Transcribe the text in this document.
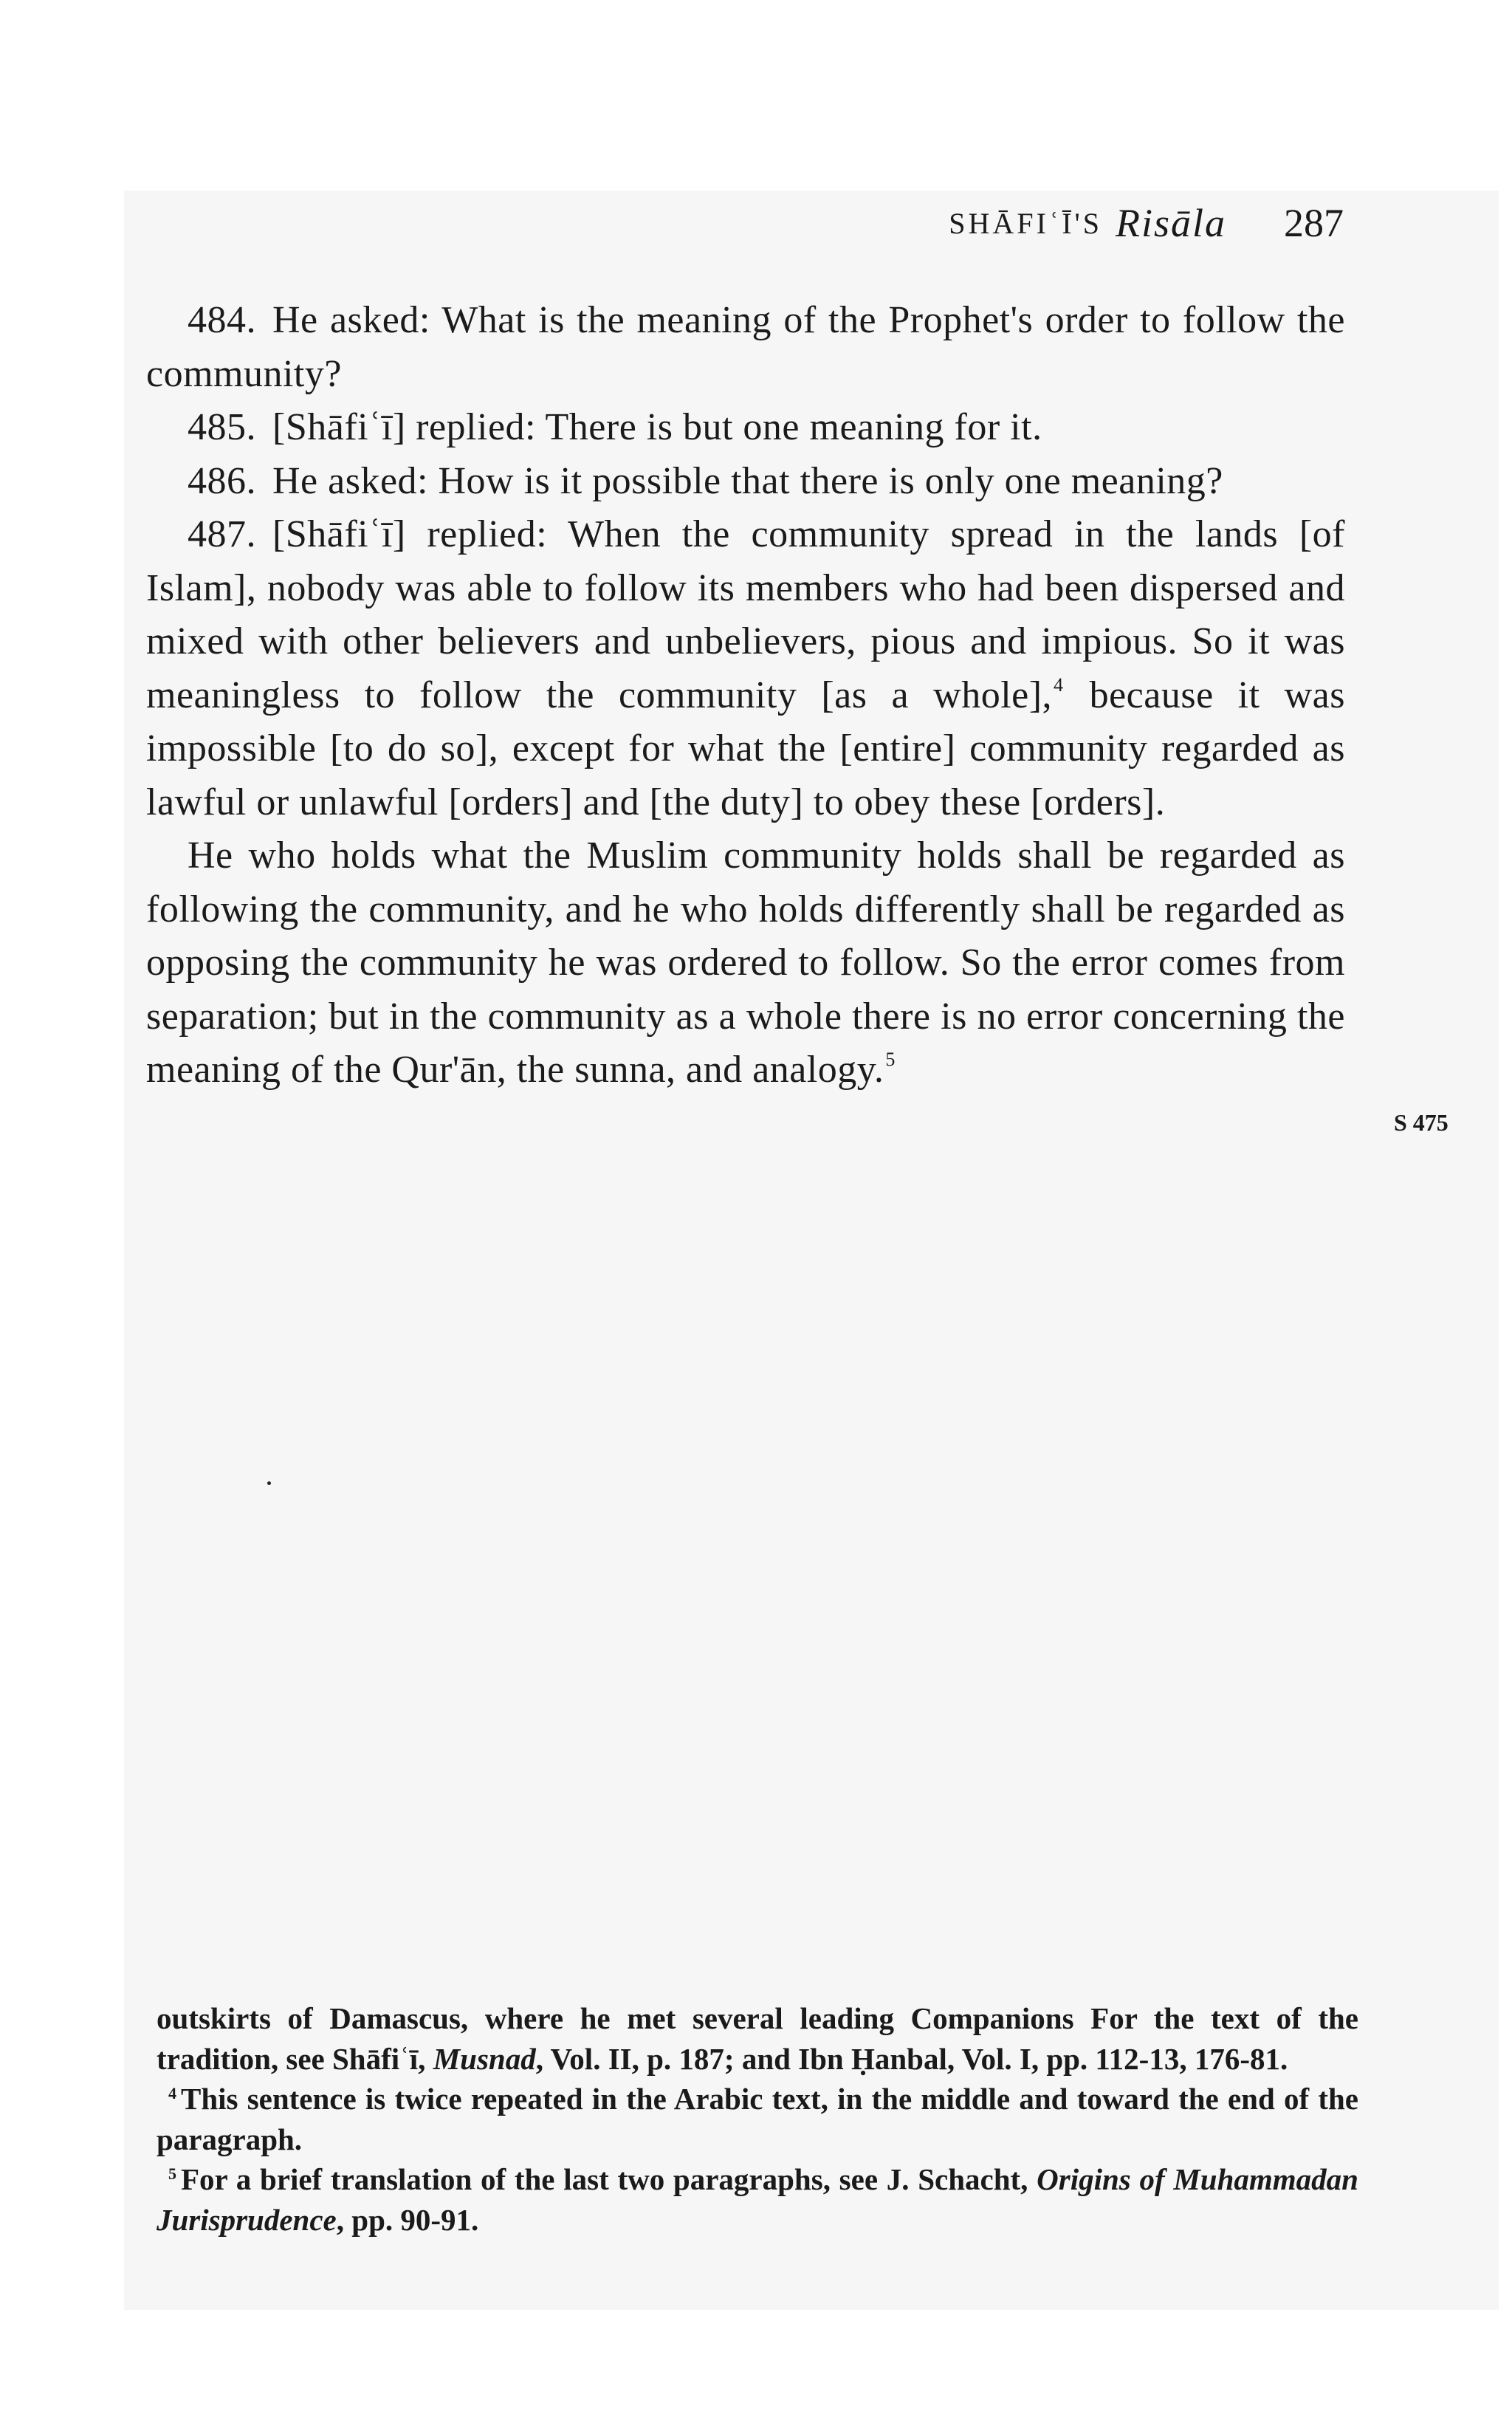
SHĀFIʿĪ'S Risāla 287

484. He asked: What is the meaning of the Prophet's order to follow the community?

485. [Shāfiʿī] replied: There is but one meaning for it.

486. He asked: How is it possible that there is only one meaning?

487. [Shāfiʿī] replied: When the community spread in the lands [of Islam], nobody was able to follow its members who had been dispersed and mixed with other believers and unbelievers, pious and impious. So it was meaningless to follow the community [as a whole],$^4$ because it was impossible [to do so], except for what the [entire] community regarded as lawful or unlawful [orders] and [the duty] to obey these [orders].

He who holds what the Muslim community holds shall be regarded as following the community, and he who holds differently shall be regarded as opposing the community he was ordered to follow. So the error comes from separation; but in the community as a whole there is no error concerning the meaning of the Qur'ān, the sunna, and analogy.$^5$

S 475

outskirts of Damascus, where he met several leading Companions For the text of the tradition, see Shāfiʿī, Musnad, Vol. II, p. 187; and Ibn Ḥanbal, Vol. I, pp. 112-13, 176-81.

$^4$ This sentence is twice repeated in the Arabic text, in the middle and toward the end of the paragraph.

$^5$ For a brief translation of the last two paragraphs, see J. Schacht, Origins of Muhammadan Jurisprudence, pp. 90-91.
